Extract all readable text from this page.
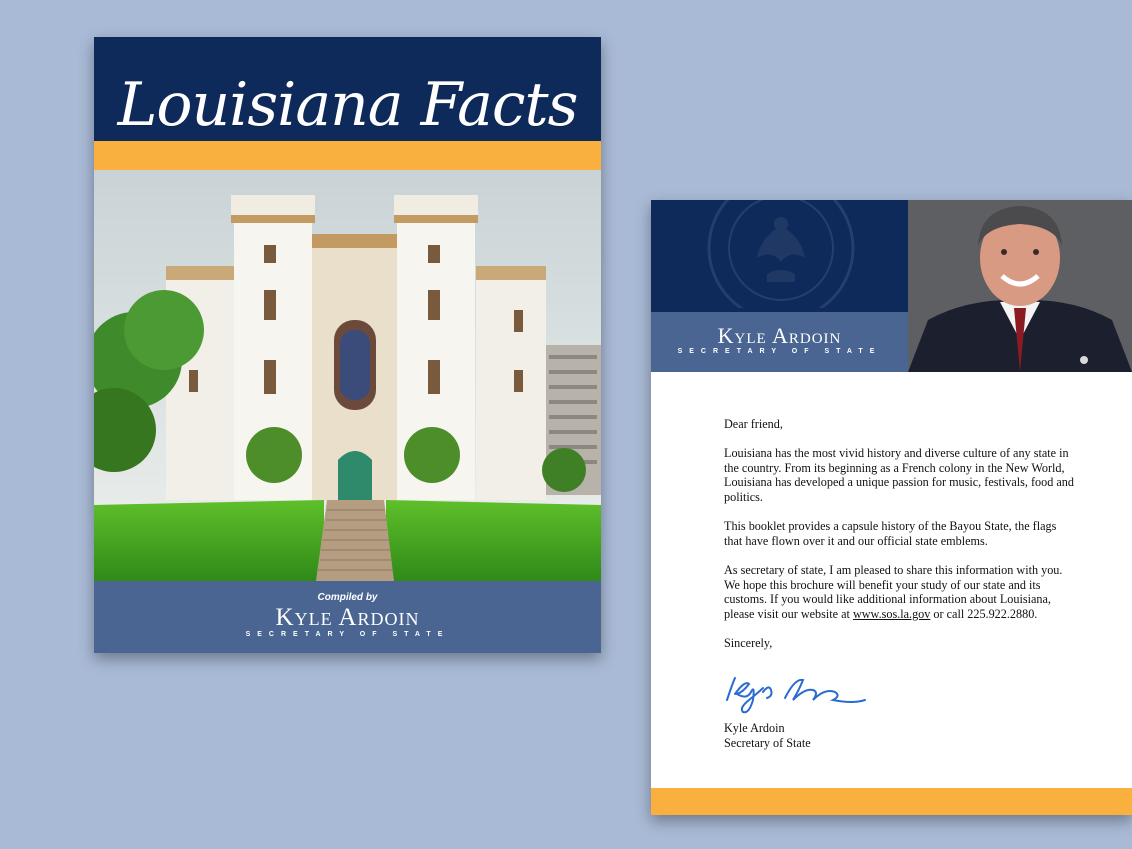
Louisiana Facts
Compiled by
Kyle Ardoin
SECRETARY OF STATE
Kyle Ardoin
SECRETARY OF STATE

Dear friend,

Louisiana has the most vivid history and diverse culture of any state in the country. From its beginning as a French colony in the New World, Louisiana has developed a unique passion for music, festivals, food and politics.

This booklet provides a capsule history of the Bayou State, the flags that have flown over it and our official state emblems.

As secretary of state, I am pleased to share this information with you. We hope this brochure will benefit your study of our state and its customs. If you would like additional information about Louisiana, please visit our website at www.sos.la.gov or call 225.922.2880.

Sincerely,

Kyle Ardoin
Secretary of State
